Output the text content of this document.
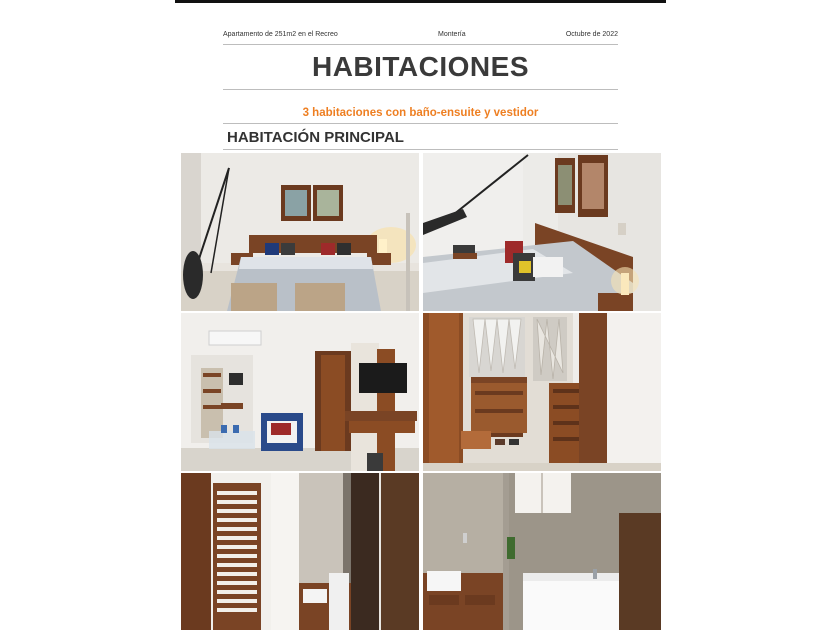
Apartamento de 251m2 en el Recreo	Montería	Octubre de 2022
HABITACIONES
3 habitaciones con baño-ensuite y vestidor
HABITACIÓN PRINCIPAL
